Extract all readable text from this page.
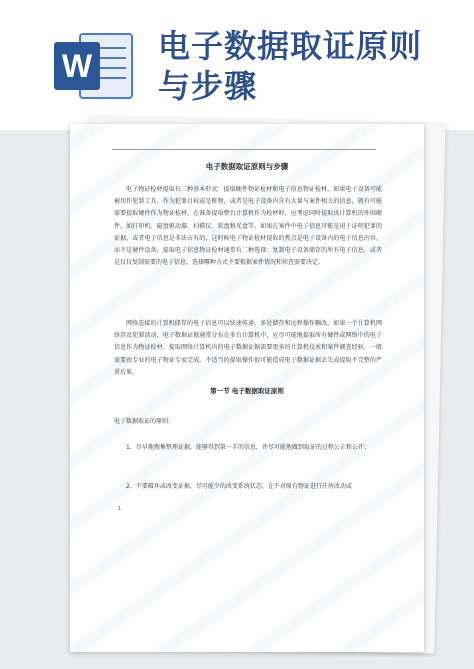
W
电子数据取证原则
与步骤
电子数据取证原则与步骤

电子物证检材提取有二种基本形式：提取硬件物证检材和电子信息物证检材。如果电子设备可能被用作犯罪工具、作为犯罪目标或是赃物，或者是电子设备内含有大量与案件相关的信息，就有可能需要提取硬件作为物证检材。在准备提取整台计算机作为检材时，应考虑同时提取该计算机的外围硬件，如打印机、磁盘驱动器、扫描仪、软盘和光盘等。如果在案件中电子信息可能是用于证明犯罪的证据，或者电子信息是非法占有的，这时候电子物证检材提取的焦点是电子设备内的电子信息内容，而不是硬件设备。提取电子信息物证检材通常有二种选择：复制电子设备储存的所有电子信息，或者是仅仅复制需要的电子信息。选择哪种方式主要根据案件情况和侦查需要决定。

网络连接的计算机储存的电子信息可以快速传递、多处储存和远程操作删改。如果一个计算机网络涉及犯罪活动，电子数据证据通常分布在多台计算机中，应尽可能地提取所有硬件或网络中的电子信息作为物证检材。提取网络计算机内的电子数据证据需要更多的计算机技术和案件调查经验，一般需要由专业的电子物证专家完成。不适当的提取操作很可能造成电子数据证据丢失或提取不完整的严重后果。

第一节 电子数据取证原则

电子数据取证的原则：

1．尽早地搜集整理证据，能够得到第一手的信息，并尽可能地做到取证的过程公正和公开；

2．不要破坏或改变证据，尽可能少的改变系统状态，在不对原有物证进行任何改动或

1
